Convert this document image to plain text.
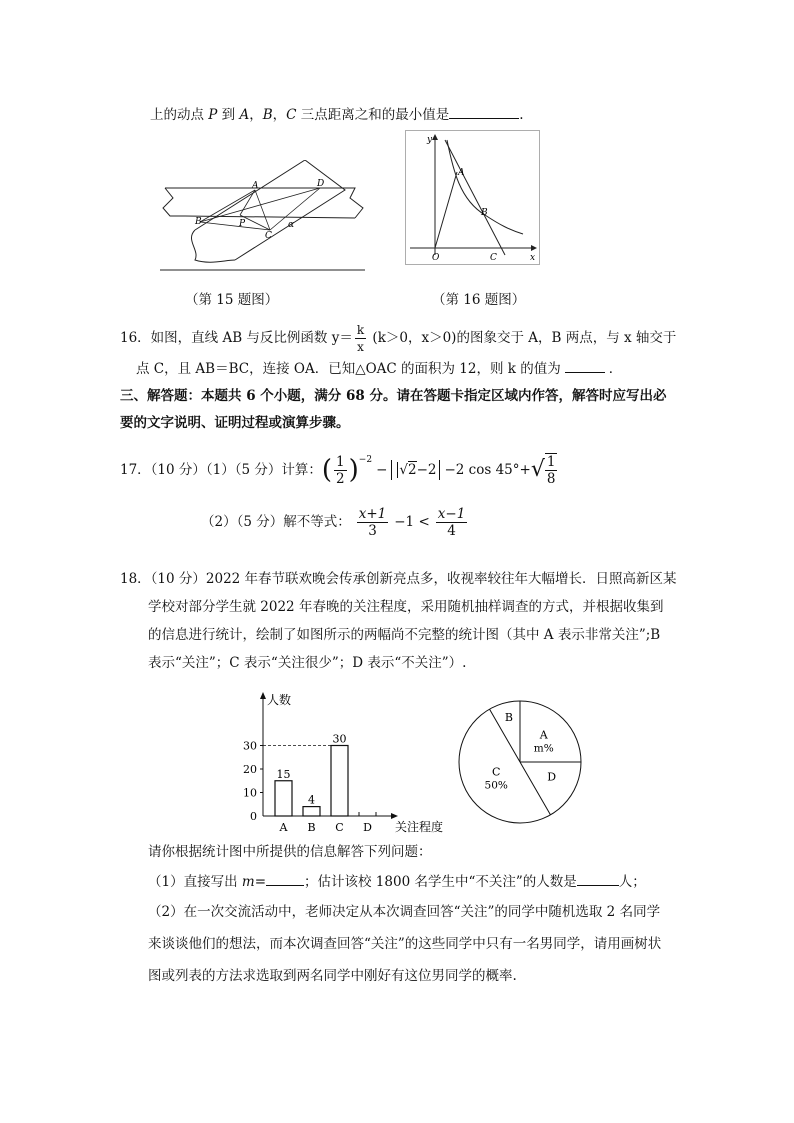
上的动点 P 到 A，B，C 三点距离之和的最小值是	.
A	D
B	P
C
α
y
x
O
A
B
C
（第 15 题图）	（第 16 题图）
16．如图，直线 AB 与反比例函数 $y= \frac{k}{x} (k>0$，x＞0)的图象交于 A，B 两点，与 x 轴交于
点 C，且 AB＝BC，连接 OA．已知△OAC 的面积为 12，则 k 的值为	．
三、解答题：本题共 6 个小题，满分 68 分。请在答题卡指定区域内作答，解答时应写出必
要的文字说明、证明过程或演算步骤。
17．（10 分）（1）（5 分）计算： ( $\frac{1}{2} )^{-2}$
− √2−2 −2 cos 45°+ √ $\frac{1}{8}$
（2）（5 分）解不等式： $\frac{x+1}{3} -1 < \frac{x-1}{4}$
18．（10 分）2022 年春节联欢晚会传承创新亮点多，收视率较往年大幅增长．日照高新区某
学校对部分学生就 2022 年春晚的关注程度，采用随机抽样调查的方式，并根据收集到
的信息进行统计，绘制了如图所示的两幅尚不完整的统计图（其中 A 表示非常关注”;B
表示“关注”；C 表示“关注很少”；D 表示“不关注”）.
人数
关注程度
0
10
20
30
A
15
B
4
C
30
D
A
m%
B
C
50%
D
请你根据统计图中所提供的信息解答下列问题：
（1）直接写出 m=	；估计该校 1800 名学生中“不关注”的人数是	人；
（2）在一次交流活动中，老师决定从本次调查回答“关注”的同学中随机选取 2 名同学
来谈谈他们的想法，而本次调查回答“关注”的这些同学中只有一名男同学，请用画树状
图或列表的方法求选取到两名同学中刚好有这位男同学的概率.
